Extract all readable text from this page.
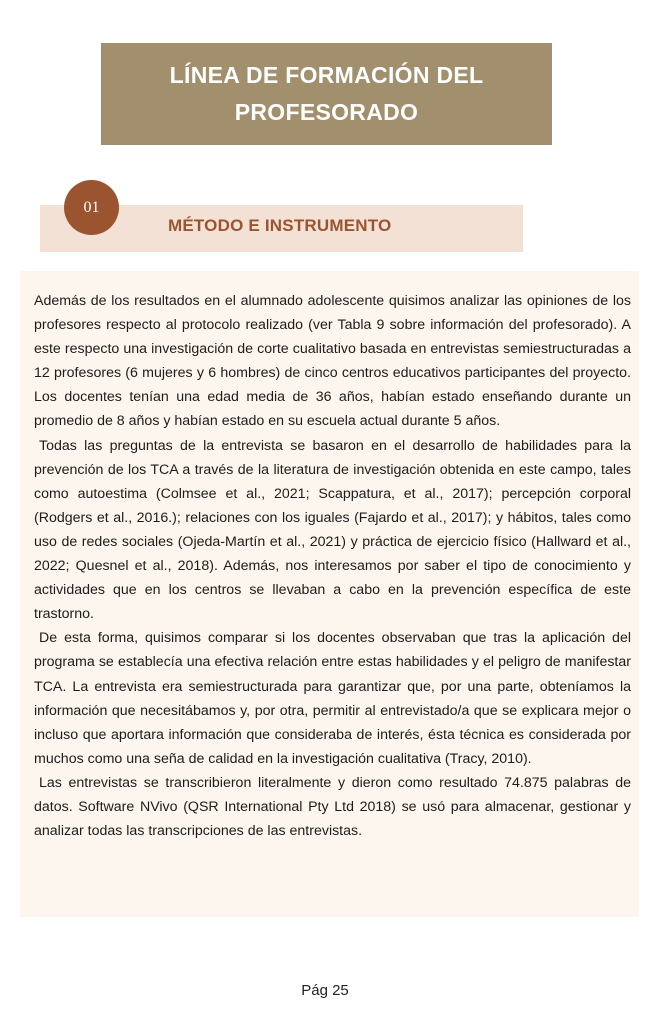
LÍNEA DE FORMACIÓN DEL
PROFESORADO
01
MÉTODO E INSTRUMENTO

Además de los resultados en el alumnado adolescente quisimos analizar las opiniones de los profesores respecto al protocolo realizado (ver Tabla 9 sobre información del profesorado). A este respecto una investigación de corte cualitativo basada en entrevistas semiestructuradas a 12 profesores (6 mujeres y 6 hombres) de cinco centros educativos participantes del proyecto. Los docentes tenían una edad media de 36 años, habían estado enseñando durante un promedio de 8 años y habían estado en su escuela actual durante 5 años.

Todas las preguntas de la entrevista se basaron en el desarrollo de habilidades para la prevención de los TCA a través de la literatura de investigación obtenida en este campo, tales como autoestima (Colmsee et al., 2021; Scappatura, et al., 2017); percepción corporal (Rodgers et al., 2016.); relaciones con los iguales (Fajardo et al., 2017); y hábitos, tales como uso de redes sociales (Ojeda-Martín et al., 2021) y práctica de ejercicio físico (Hallward et al., 2022; Quesnel et al., 2018). Además, nos interesamos por saber el tipo de conocimiento y actividades que en los centros se llevaban a cabo en la prevención específica de este trastorno.

De esta forma, quisimos comparar si los docentes observaban que tras la aplicación del programa se establecía una efectiva relación entre estas habilidades y el peligro de manifestar TCA. La entrevista era semiestructurada para garantizar que, por una parte, obteníamos la información que necesitábamos y, por otra, permitir al entrevistado/a que se explicara mejor o incluso que aportara información que consideraba de interés, ésta técnica es considerada por muchos como una seña de calidad en la investigación cualitativa (Tracy, 2010).

Las entrevistas se transcribieron literalmente y dieron como resultado 74.875 palabras de datos. Software NVivo (QSR International Pty Ltd 2018) se usó para almacenar, gestionar y analizar todas las transcripciones de las entrevistas.

Pág 25
